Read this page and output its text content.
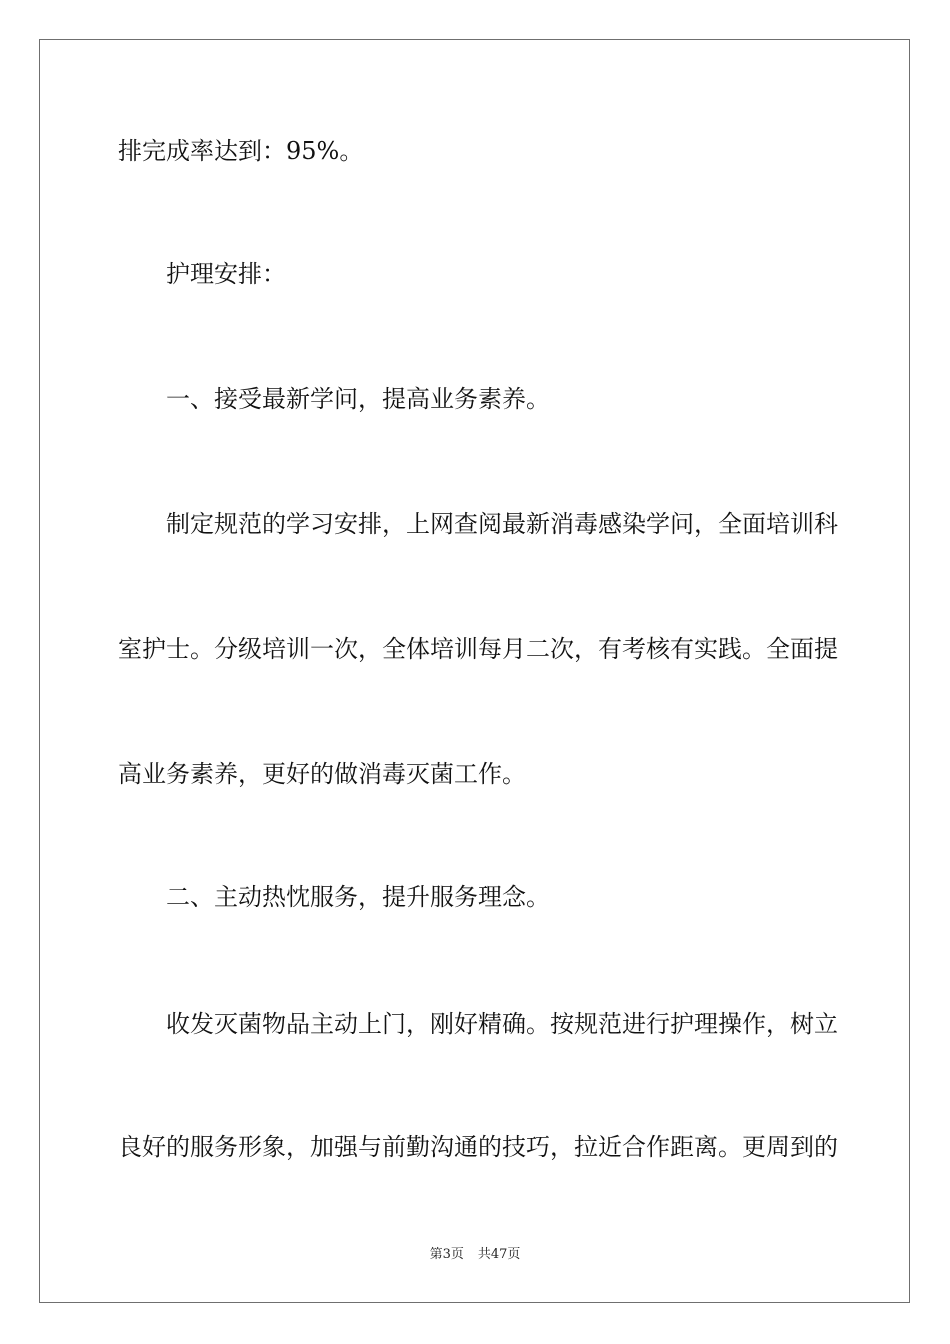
排完成率达到：95%。
护理安排：
一、接受最新学问，提高业务素养。
制定规范的学习安排，上网查阅最新消毒感染学问，全面培训科
室护士。分级培训一次，全体培训每月二次，有考核有实践。全面提
高业务素养，更好的做消毒灭菌工作。
二、主动热忱服务，提升服务理念。
收发灭菌物品主动上门，刚好精确。按规范进行护理操作，树立
良好的服务形象，加强与前勤沟通的技巧，拉近合作距离。更周到的
第3页 共47页
